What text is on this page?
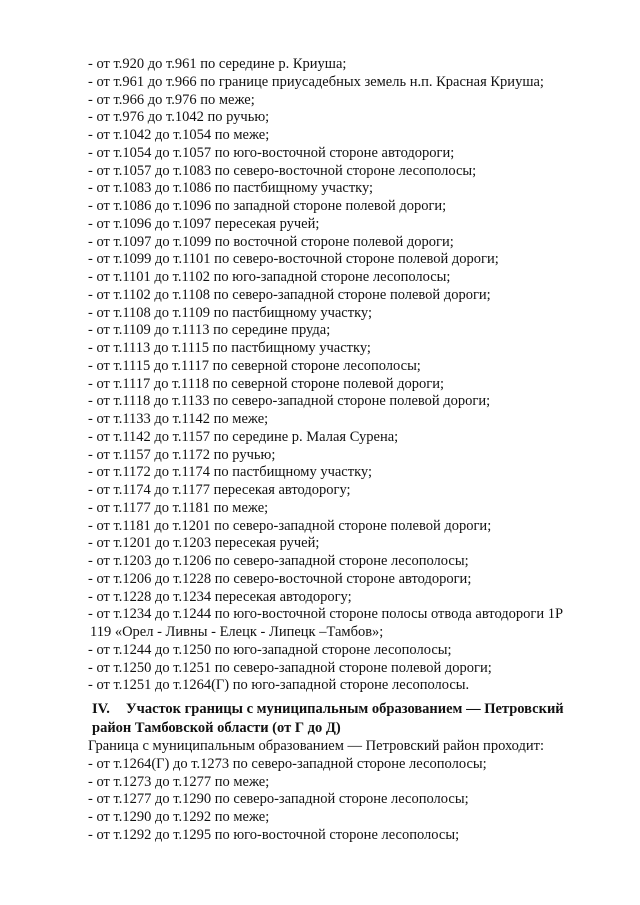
- от т.920 до т.961 по середине р. Криуша;
- от т.961 до т.966 по границе приусадебных земель н.п. Красная Криуша;
- от т.966 до т.976 по меже;
- от т.976 до т.1042 по ручью;
- от т.1042 до т.1054 по меже;
- от т.1054 до т.1057 по юго-восточной стороне автодороги;
- от т.1057 до т.1083 по северо-восточной стороне лесополосы;
- от т.1083 до т.1086 по пастбищному участку;
- от т.1086 до т.1096 по западной стороне полевой дороги;
- от т.1096 до т.1097 пересекая ручей;
- от т.1097 до т.1099 по восточной стороне полевой дороги;
- от т.1099 до т.1101 по северо-восточной стороне полевой дороги;
- от т.1101 до т.1102 по юго-западной стороне лесополосы;
- от т.1102 до т.1108 по северо-западной стороне полевой дороги;
- от т.1108 до т.1109 по пастбищному участку;
- от т.1109 до т.1113 по середине пруда;
- от т.1113 до т.1115 по пастбищному участку;
- от т.1115 до т.1117 по северной стороне лесополосы;
- от т.1117 до т.1118 по северной стороне полевой дороги;
- от т.1118 до т.1133 по северо-западной стороне полевой дороги;
- от т.1133 до т.1142 по меже;
- от т.1142 до т.1157 по середине р. Малая Сурена;
- от т.1157 до т.1172 по ручью;
- от т.1172 до т.1174 по пастбищному участку;
- от т.1174 до т.1177 пересекая автодорогу;
- от т.1177 до т.1181 по меже;
- от т.1181 до т.1201 по северо-западной стороне полевой дороги;
- от т.1201 до т.1203 пересекая ручей;
- от т.1203 до т.1206 по северо-западной стороне лесополосы;
- от т.1206 до т.1228 по северо-восточной стороне автодороги;
- от т.1228 до т.1234 пересекая автодорогу;
- от т.1234 до т.1244 по юго-восточной стороне полосы отвода автодороги 1Р
119 «Орел - Ливны - Елецк - Липецк –Тамбов»;
- от т.1244 до т.1250 по юго-западной стороне лесополосы;
- от т.1250 до т.1251 по северо-западной стороне полевой дороги;
- от т.1251 до т.1264(Г) по юго-западной стороне лесополосы.
IV. Участок границы с муниципальным образованием — Петровский
район Тамбовской области (от Г до Д)
Граница с муниципальным образованием — Петровский район проходит:
- от т.1264(Г) до т.1273 по северо-западной стороне лесополосы;
- от т.1273 до т.1277 по меже;
- от т.1277 до т.1290 по северо-западной стороне лесополосы;
- от т.1290 до т.1292 по меже;
- от т.1292 до т.1295 по юго-восточной стороне лесополосы;
